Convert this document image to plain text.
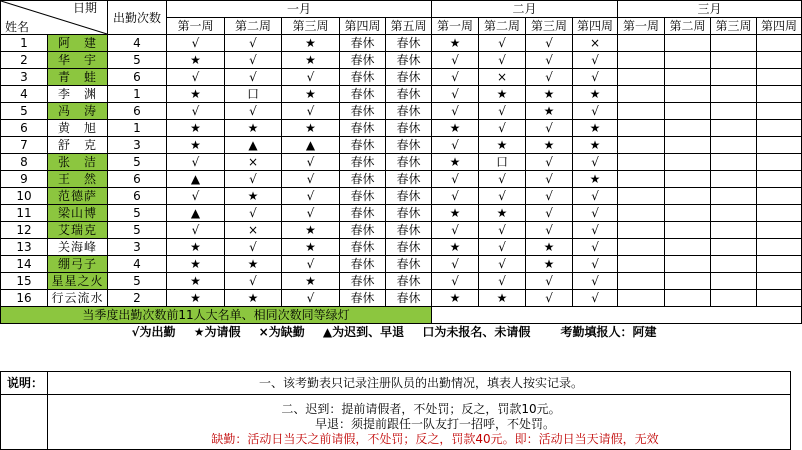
日期
姓名		出勤次数	一月					二月				三月			
			第一周	第二周	第三周	第四周	第五周	第一周	第二周	第三周	第四周	第一周	第二周	第三周	第四周
1	阿　建	4	√	√	★	春休	春休	★	√	√	×				
2	华　宇	5	★	√	★	春休	春休	√	√	√	√				
3	青　蛙	6	√	√	√	春休	春休	√	×	√	√				
4	李　渊	1	★	口	★	春休	春休	√	★	★	★				
5	冯　涛	6	√	√	√	春休	春休	√	√	★	√				
6	黄　旭	1	★	★	★	春休	春休	★	√	√	★				
7	舒　克	3	★	▲	▲	春休	春休	√	★	★	★				
8	张　洁	5	√	×	√	春休	春休	★	口	√	√				
9	王　然	6	▲	√	√	春休	春休	√	√	√	★				
10	范德萨	6	√	★	√	春休	春休	√	√	√	√				
11	梁山博	5	▲	√	√	春休	春休	★	★	√	√				
12	艾瑞克	5	√	×	★	春休	春休	√	√	√	√				
13	关海峰	3	★	√	★	春休	春休	★	√	★	√				
14	绷弓子	4	★	★	√	春休	春休	√	√	★	√				
15	星星之火	5	★	√	★	春休	春休	√	√	√	√				
16	行云流水	2	★	★	√	春休	春休	★	★	√	√				
当季度出勤次数前11人大名单、相同次数同等绿灯															
√为出勤 ★为请假 ×为缺勤 ▲为迟到、早退 口为未报名、未请假 考勤填报人：阿建															
说明：	一、该考勤表只记录注册队员的出勤情况，填表人按实记录。

	二、迟到：提前请假者，不处罚；反之，罚款10元。
早退：须提前跟任一队友打一招呼，不处罚。
缺勤：活动日当天之前请假，不处罚；反之，罚款40元。即：活动日当天请假，无效
